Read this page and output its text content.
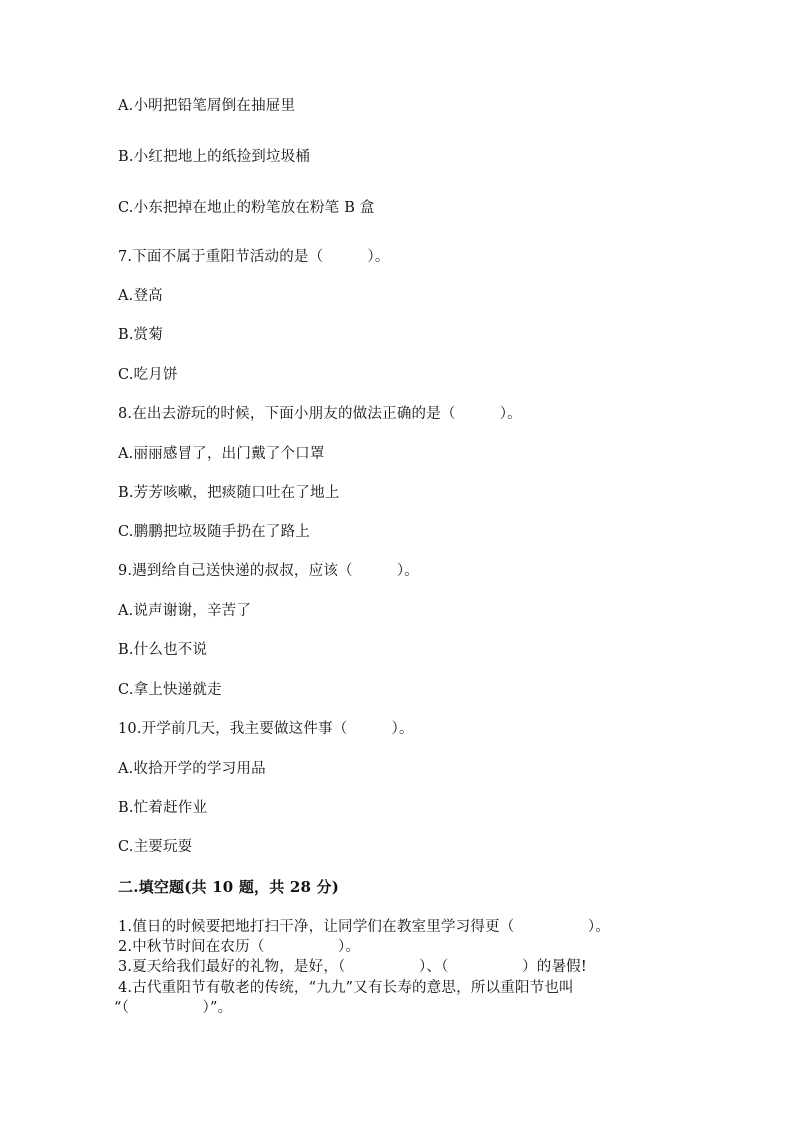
A.小明把铅笔屑倒在抽屉里
B.小红把地上的纸捡到垃圾桶
C.小东把掉在地止的粉笔放在粉笔 B 盒
7.下面不属于重阳节活动的是（　　　）。
A.登高
B.赏菊
C.吃月饼
8.在出去游玩的时候，下面小朋友的做法正确的是（　　　）。
A.丽丽感冒了，出门戴了个口罩
B.芳芳咳嗽，把痰随口吐在了地上
C.鹏鹏把垃圾随手扔在了路上
9.遇到给自己送快递的叔叔，应该（　　　）。
A.说声谢谢，辛苦了
B.什么也不说
C.拿上快递就走
10.开学前几天，我主要做这件事（　　　）。
A.收拾开学的学习用品
B.忙着赶作业
C.主要玩耍
二.填空题(共 10 题，共 28 分)
1.值日的时候要把地打扫干净，让同学们在教室里学习得更（　　　　　）。
2.中秋节时间在农历（　　　　　）。
3.夏天给我们最好的礼物，是好，（　　　　　）、（　　　　　）的暑假!
4.古代重阳节有敬老的传统，“九九”又有长寿的意思，所以重阳节也叫
“（　　　　　）”。
